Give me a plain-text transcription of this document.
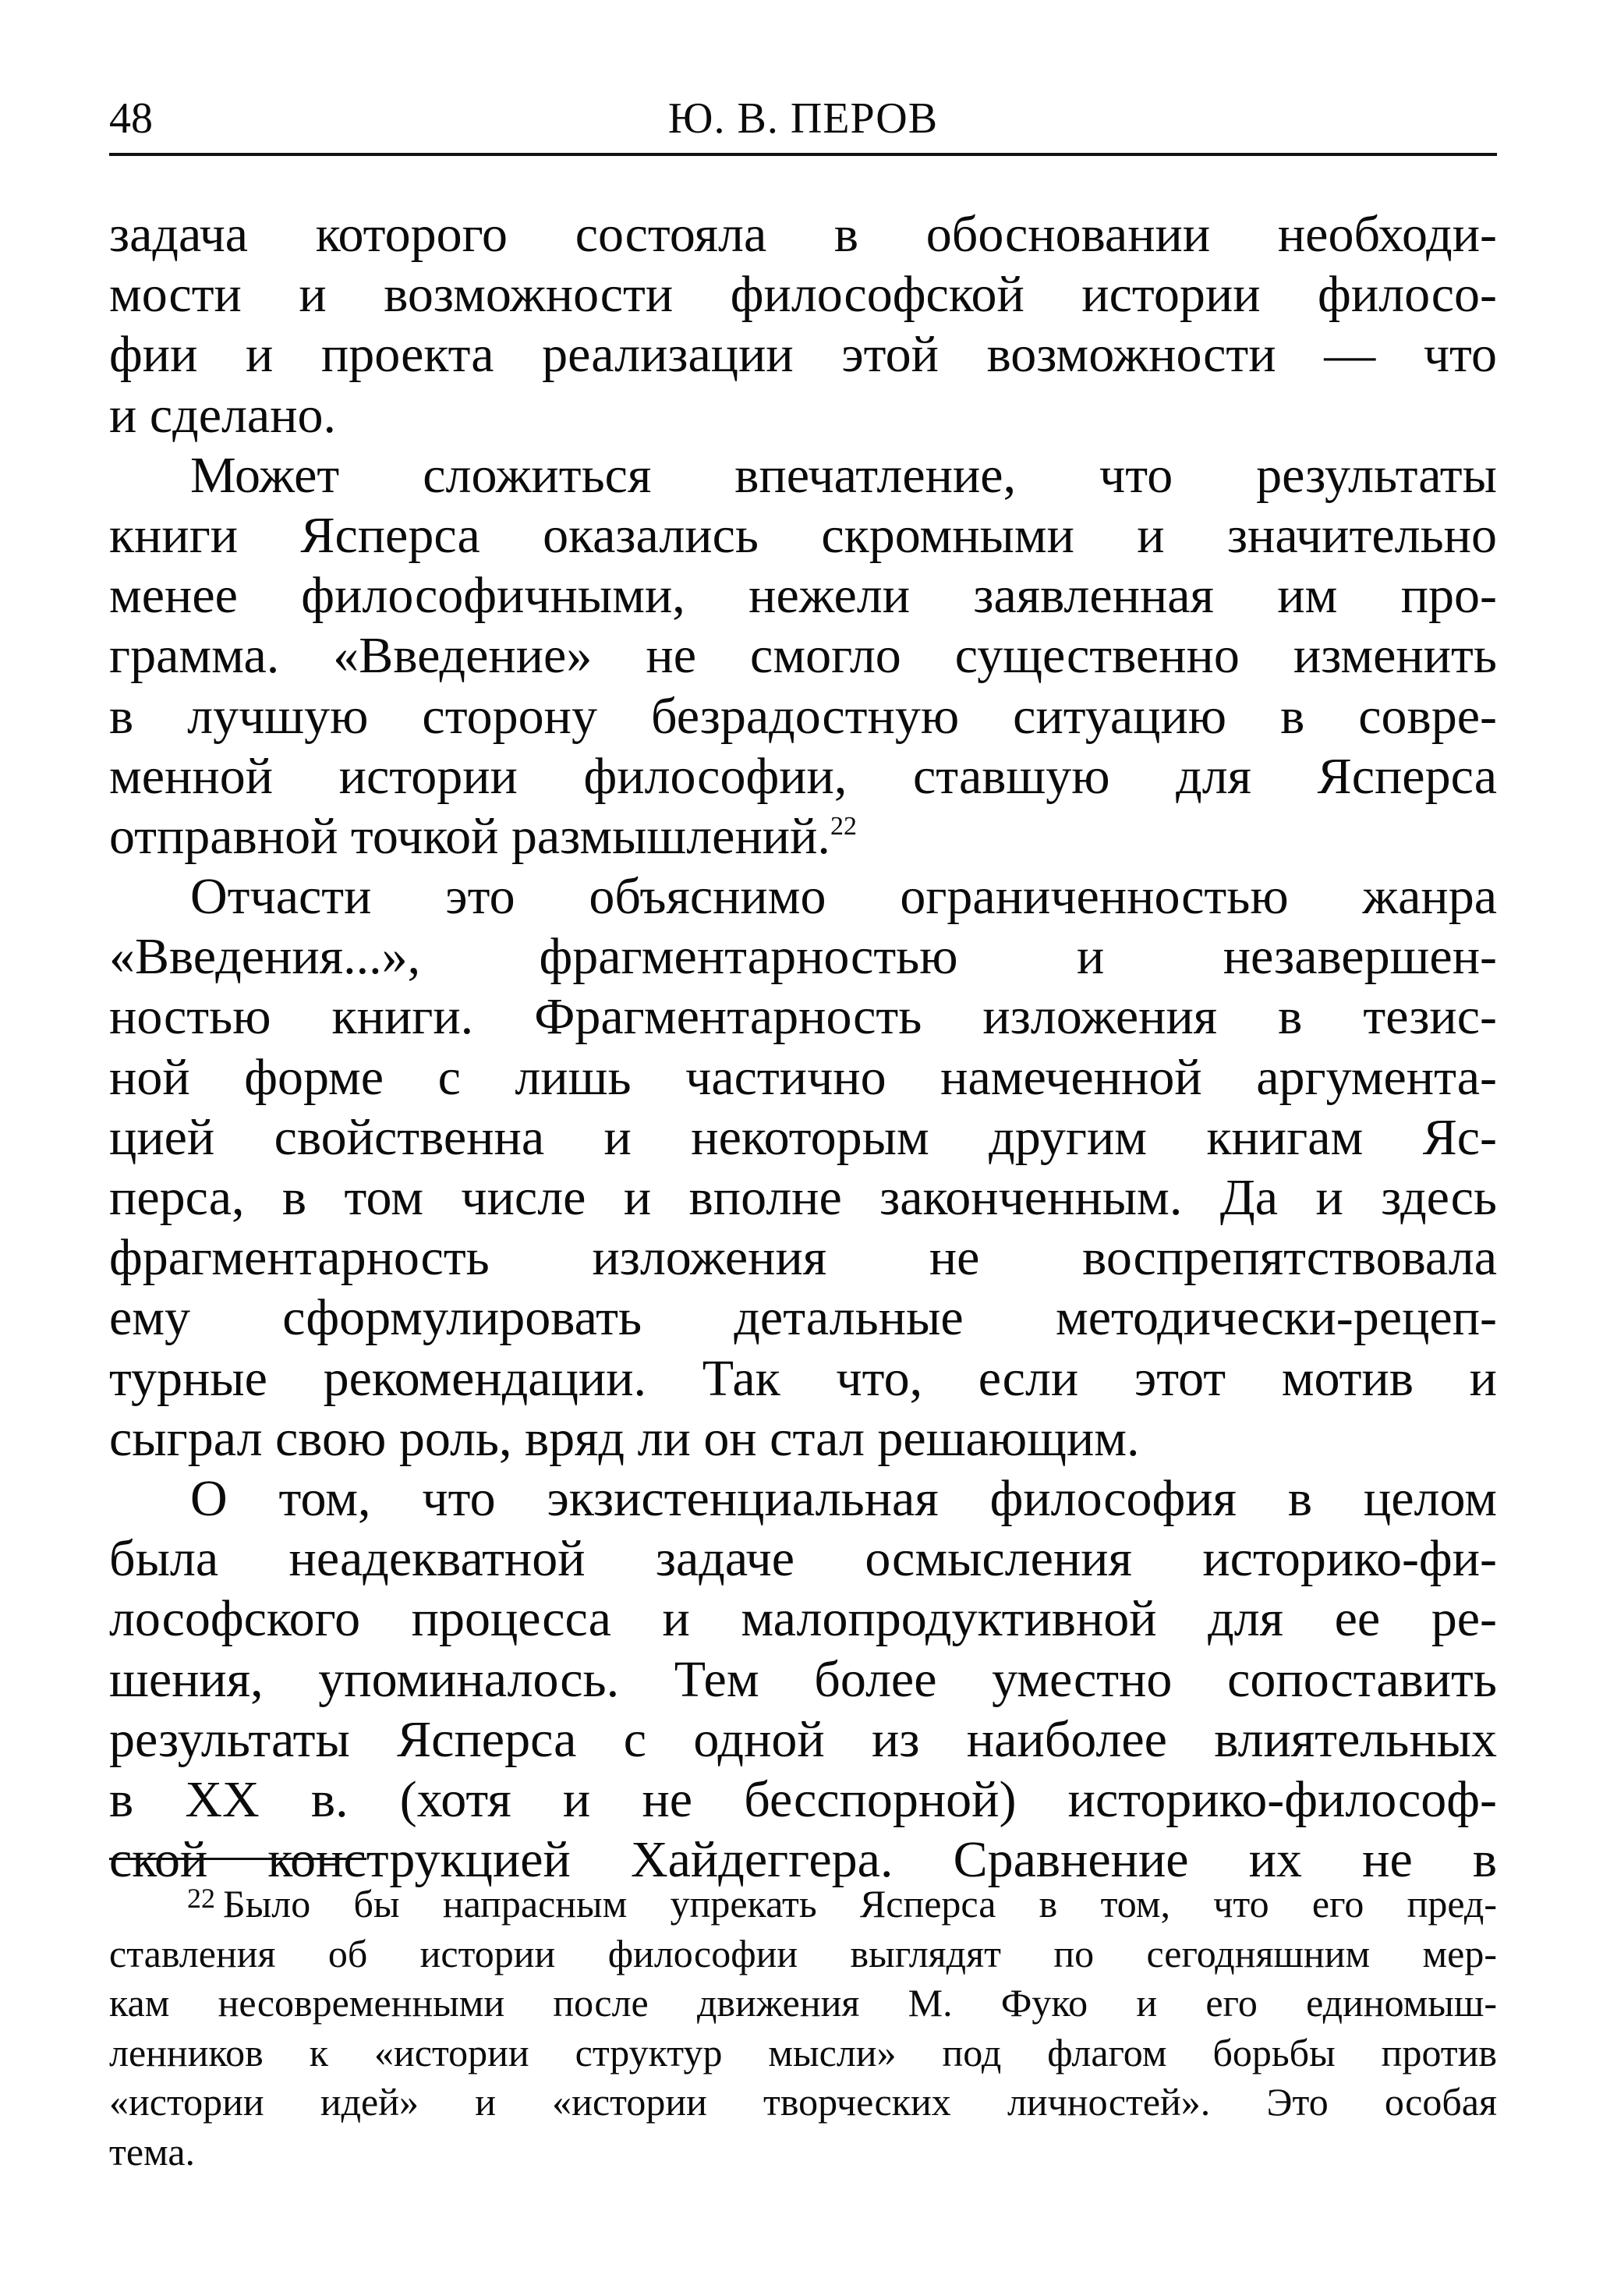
48	Ю. В. ПЕРОВ
задача которого состояла в обосновании необходи-
мости и возможности философской истории филосо-
фии и проекта реализации этой возможности — что
и сделано.
Может сложиться впечатление, что результаты
книги Ясперса оказались скромными и значительно
менее философичными, нежели заявленная им про-
грамма. «Введение» не смогло существенно изменить
в лучшую сторону безрадостную ситуацию в совре-
менной истории философии, ставшую для Ясперса
отправной точкой размышлений.$^{22}$
Отчасти это объяснимо ограниченностью жанра
«Введения...», фрагментарностью и незавершен-
ностью книги. Фрагментарность изложения в тезис-
ной форме с лишь частично намеченной аргумента-
цией свойственна и некоторым другим книгам Яс-
перса, в том числе и вполне законченным. Да и здесь
фрагментарность изложения не воспрепятствовала
ему сформулировать детальные методически-рецеп-
турные рекомендации. Так что, если этот мотив и
сыграл свою роль, вряд ли он стал решающим.
О том, что экзистенциальная философия в целом
была неадекватной задаче осмысления историко-фи-
лософского процесса и малопродуктивной для ее ре-
шения, упоминалось. Тем более уместно сопоставить
результаты Ясперса с одной из наиболее влиятельных
в XX в. (хотя и не бесспорной) историко-философ-
ской конструкцией Хайдеггера. Сравнение их не в
$^{22}$ Было бы напрасным упрекать Ясперса в том, что его пред-
ставления об истории философии выглядят по сегодняшним мер-
кам несовременными после движения М. Фуко и его единомыш-
ленников к «истории структур мысли» под флагом борьбы против
«истории идей» и «истории творческих личностей». Это особая
тема.
